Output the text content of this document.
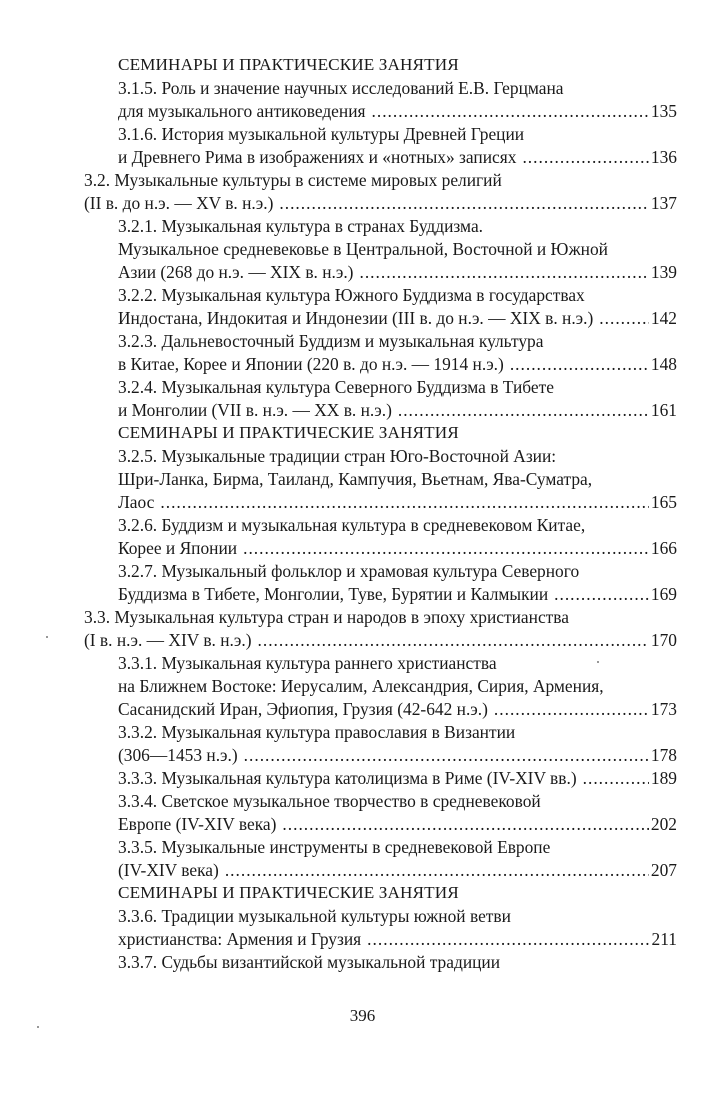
СЕМИНАРЫ И ПРАКТИЧЕСКИЕ ЗАНЯТИЯ
3.1.5. Роль и значение научных исследований Е.В. Герцмана
для музыкального антиковедения .....	135
3.1.6. История музыкальной культуры Древней Греции
и Древнего Рима в изображениях и «нотных» записях .....	136
3.2. Музыкальные культуры в системе мировых религий
(II в. до н.э. — XV в. н.э.) .....	137
3.2.1. Музыкальная культура в странах Буддизма.
Музыкальное средневековье в Центральной, Восточной и Южной
Азии (268 до н.э. — XIX в. н.э.) .....	139
3.2.2. Музыкальная культура Южного Буддизма в государствах
Индостана, Индокитая и Индонезии (III в. до н.э. — XIX в. н.э.) .....	142
3.2.3. Дальневосточный Буддизм и музыкальная культура
в Китае, Корее и Японии (220 в. до н.э. — 1914 н.э.) .....	148
3.2.4. Музыкальная культура Северного Буддизма в Тибете
и Монголии (VII в. н.э. — XX в. н.э.) .....	161
СЕМИНАРЫ И ПРАКТИЧЕСКИЕ ЗАНЯТИЯ
3.2.5. Музыкальные традиции стран Юго-Восточной Азии:
Шри-Ланка, Бирма, Таиланд, Кампучия, Вьетнам, Ява-Суматра,
Лаос .....	165
3.2.6. Буддизм и музыкальная культура в средневековом Китае,
Корее и Японии .....	166
3.2.7. Музыкальный фольклор и храмовая культура Северного
Буддизма в Тибете, Монголии, Туве, Бурятии и Калмыкии .....	169
3.3. Музыкальная культура стран и народов в эпоху христианства
(I в. н.э. — XIV в. н.э.) .....	170
3.3.1. Музыкальная культура раннего христианства
на Ближнем Востоке: Иерусалим, Александрия, Сирия, Армения,
Сасанидский Иран, Эфиопия, Грузия (42-642 н.э.) .....	173
3.3.2. Музыкальная культура православия в Византии
(306—1453 н.э.) .....	178
3.3.3. Музыкальная культура католицизма в Риме (IV-XIV вв.) .....	189
3.3.4. Светское музыкальное творчество в средневековой
Европе (IV-XIV века) .....	202
3.3.5. Музыкальные инструменты в средневековой Европе
(IV-XIV века) .....	207
СЕМИНАРЫ И ПРАКТИЧЕСКИЕ ЗАНЯТИЯ
3.3.6. Традиции музыкальной культуры южной ветви
христианства: Армения и Грузия .....	211
3.3.7. Судьбы византийской музыкальной традиции
396
